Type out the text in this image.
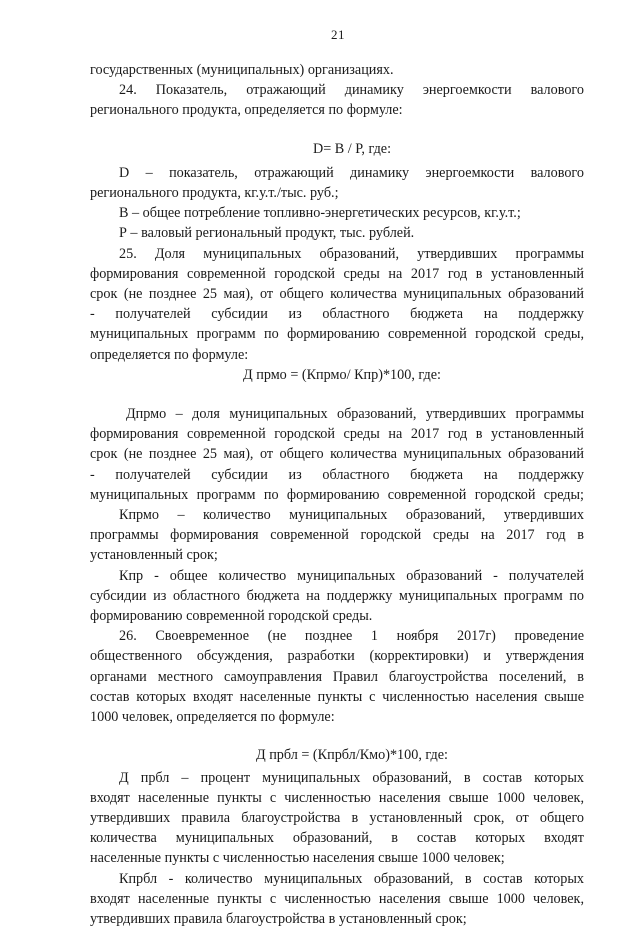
21
государственных (муниципальных) организациях.
24. Показатель, отражающий динамику энергоемкости валового
регионального продукта, определяется по формуле:
D= В / Р, где:
D – показатель, отражающий динамику энергоемкости валового
регионального продукта, кг.у.т./тыс. руб.;
В – общее потребление топливно-энергетических ресурсов, кг.у.т.;
Р – валовый региональный продукт, тыс. рублей.
25. Доля муниципальных образований, утвердивших программы
формирования современной городской среды на 2017 год в установленный
срок (не позднее 25 мая), от общего количества муниципальных образований
- получателей субсидии из областного бюджета на поддержку
муниципальных программ по формированию современной городской среды,
определяется по формуле:
Д прмо = (Кпрмо/ Кпр)*100, где:
Дпрмо – доля муниципальных образований, утвердивших программы
формирования современной городской среды на 2017 год в установленный
срок (не позднее 25 мая), от общего количества муниципальных образований
- получателей субсидии из областного бюджета на поддержку
муниципальных программ по формированию современной городской среды;
Кпрмо – количество муниципальных образований, утвердивших
программы формирования современной городской среды на 2017 год в
установленный срок;
Кпр - общее количество муниципальных образований - получателей
субсидии из областного бюджета на поддержку муниципальных программ по
формированию современной городской среды.
26. Своевременное (не позднее 1 ноября 2017г) проведение
общественного обсуждения, разработки (корректировки) и утверждения
органами местного самоуправления Правил благоустройства поселений, в
состав которых входят населенные пункты с численностью населения свыше
1000 человек, определяется по формуле:
Д прбл = (Кпрбл/Кмо)*100, где:
Д прбл – процент муниципальных образований, в состав которых
входят населенные пункты с численностью населения свыше 1000 человек,
утвердивших правила благоустройства в установленный срок, от общего
количества муниципальных образований, в состав которых входят
населенные пункты с численностью населения свыше 1000 человек;
Кпрбл - количество муниципальных образований, в состав которых
входят населенные пункты с численностью населения свыше 1000 человек,
утвердивших правила благоустройства в установленный срок;
